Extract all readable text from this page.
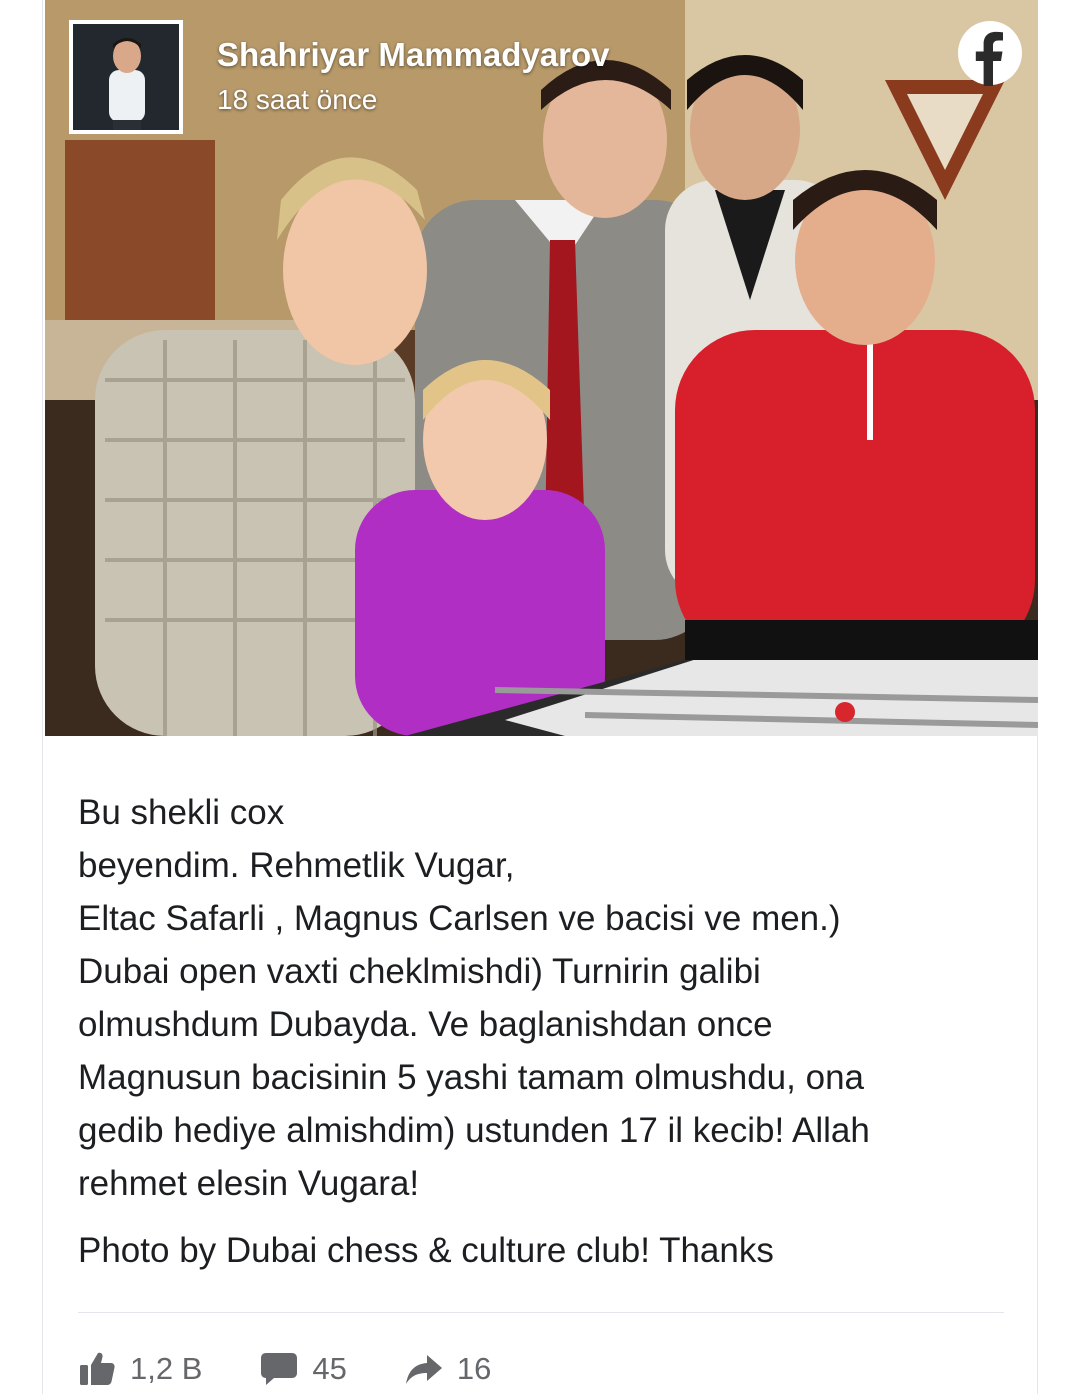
Shahriyar Mammadyarov
18 saat önce

Bu shekli cox
beyendim. Rehmetlik Vugar,
Eltac Safarli , Magnus Carlsen ve bacisi ve men.)
Dubai open vaxti cheklmishdi) Turnirin galibi
olmushdum Dubayda. Ve baglanishdan once
Magnusun bacisinin 5 yashi tamam olmushdu, ona
gedib hediye almishdim) ustunden 17 il kecib! Allah
rehmet elesin Vugara!

Photo by Dubai chess & culture club! Thanks

1,2 B	45	16
